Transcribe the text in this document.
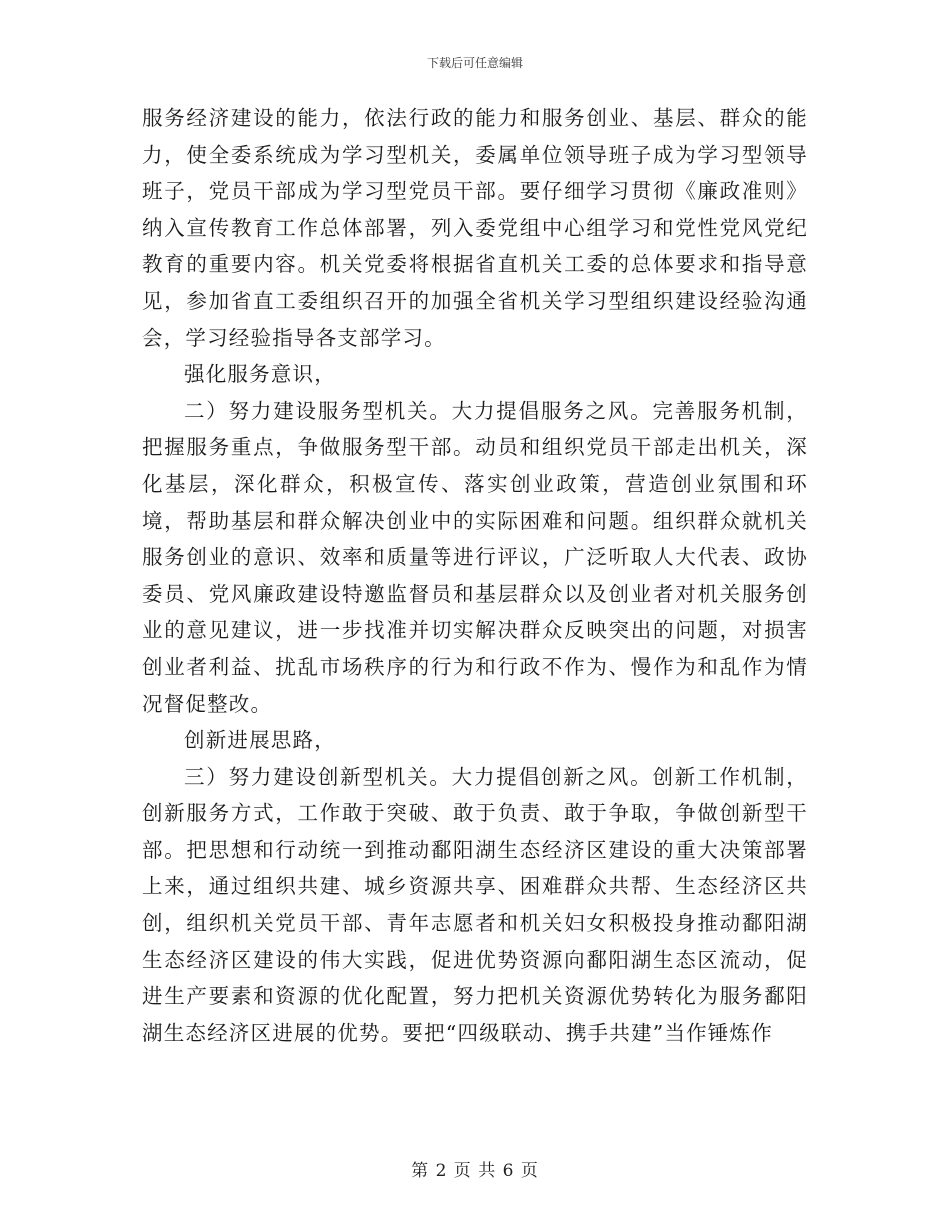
下载后可任意编辑

服务经济建设的能力，依法行政的能力和服务创业、基层、群众的能力，使全委系统成为学习型机关，委属单位领导班子成为学习型领导班子，党员干部成为学习型党员干部。要仔细学习贯彻《廉政准则》纳入宣传教育工作总体部署，列入委党组中心组学习和党性党风党纪教育的重要内容。机关党委将根据省直机关工委的总体要求和指导意见，参加省直工委组织召开的加强全省机关学习型组织建设经验沟通会，学习经验指导各支部学习。

强化服务意识，

二）努力建设服务型机关。大力提倡服务之风。完善服务机制，把握服务重点，争做服务型干部。动员和组织党员干部走出机关，深化基层，深化群众，积极宣传、落实创业政策，营造创业氛围和环境，帮助基层和群众解决创业中的实际困难和问题。组织群众就机关服务创业的意识、效率和质量等进行评议，广泛听取人大代表、政协委员、党风廉政建设特邀监督员和基层群众以及创业者对机关服务创业的意见建议，进一步找准并切实解决群众反映突出的问题，对损害创业者利益、扰乱市场秩序的行为和行政不作为、慢作为和乱作为情况督促整改。

创新进展思路，

三）努力建设创新型机关。大力提倡创新之风。创新工作机制，创新服务方式，工作敢于突破、敢于负责、敢于争取，争做创新型干部。把思想和行动统一到推动鄱阳湖生态经济区建设的重大决策部署上来，通过组织共建、城乡资源共享、困难群众共帮、生态经济区共创，组织机关党员干部、青年志愿者和机关妇女积极投身推动鄱阳湖生态经济区建设的伟大实践，促进优势资源向鄱阳湖生态区流动，促进生产要素和资源的优化配置，努力把机关资源优势转化为服务鄱阳湖生态经济区进展的优势。要把“四级联动、携手共建”当作锤炼作

第 2 页 共 6 页
